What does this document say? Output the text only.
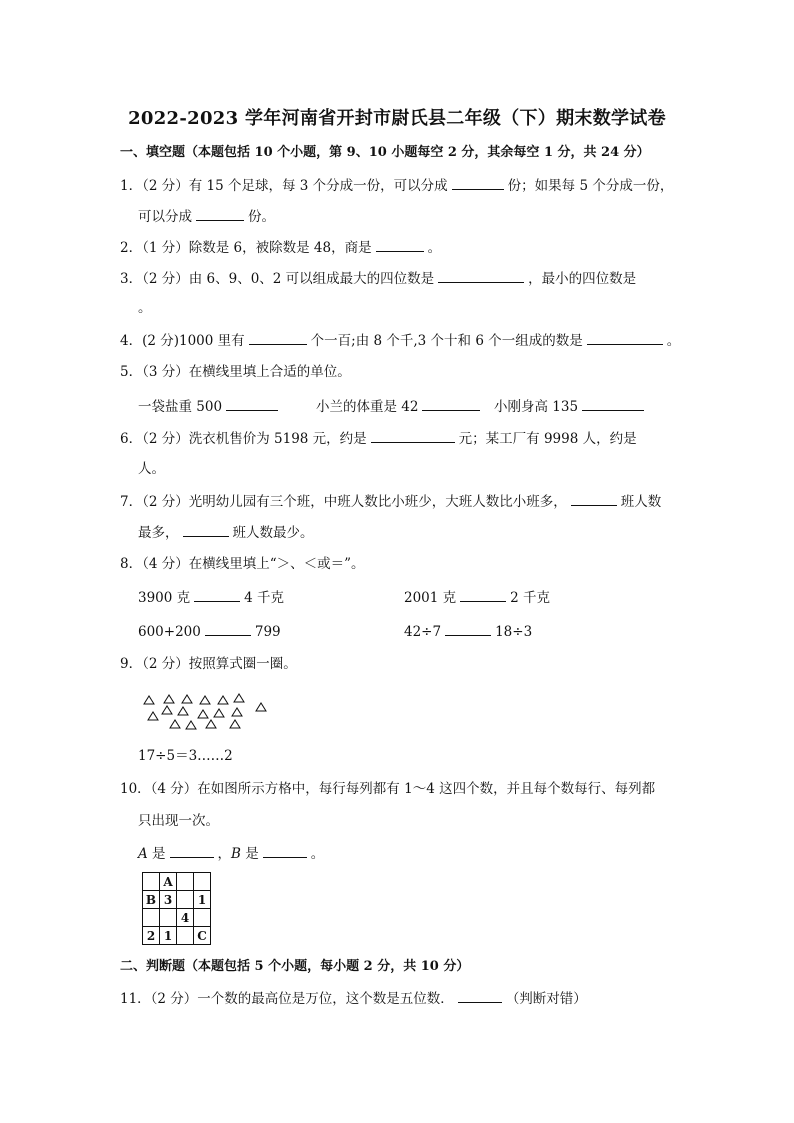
2022-2023 学年河南省开封市尉氏县二年级（下）期末数学试卷
一、填空题（本题包括 10 个小题，第 9、10 小题每空 2 分，其余每空 1 分，共 24 分）
1．（2 分）有 15 个足球，每 3 个分成一份，可以分成	份；如果每 5 个分成一份，
可以分成	份。
2．（1 分）除数是 6，被除数是 48，商是	。
3．（2 分）由 6、9、0、2 可以组成最大的四位数是	，最小的四位数是
。
4．(2 分)1000 里有	个一百;由 8 个千,3 个十和 6 个一组成的数是	。
5．（3 分）在横线里填上合适的单位。
一袋盐重 500	小兰的体重是 42	小刚身高 135
6．（2 分）洗衣机售价为 5198 元，约是	元；某工厂有 9998 人，约是
人。
7．（2 分）光明幼儿园有三个班，中班人数比小班少，大班人数比小班多，	班人数
最多，	班人数最少。
8．（4 分）在横线里填上“＞、＜或＝”。
3900 克	4 千克	2001 克	2 千克
600+200	799	42÷7	18÷3
9．（2 分）按照算式圈一圈。
17÷5＝3……2
10．（4 分）在如图所示方格中，每行每列都有 1～4 这四个数，并且每个数每行、每列都
只出现一次。
A 是	，B 是	。
	A		
B	3		1
		4	
2	1		C
二、判断题（本题包括 5 个小题，每小题 2 分，共 10 分）
11．（2 分）一个数的最高位是万位，这个数是五位数．	（判断对错）
